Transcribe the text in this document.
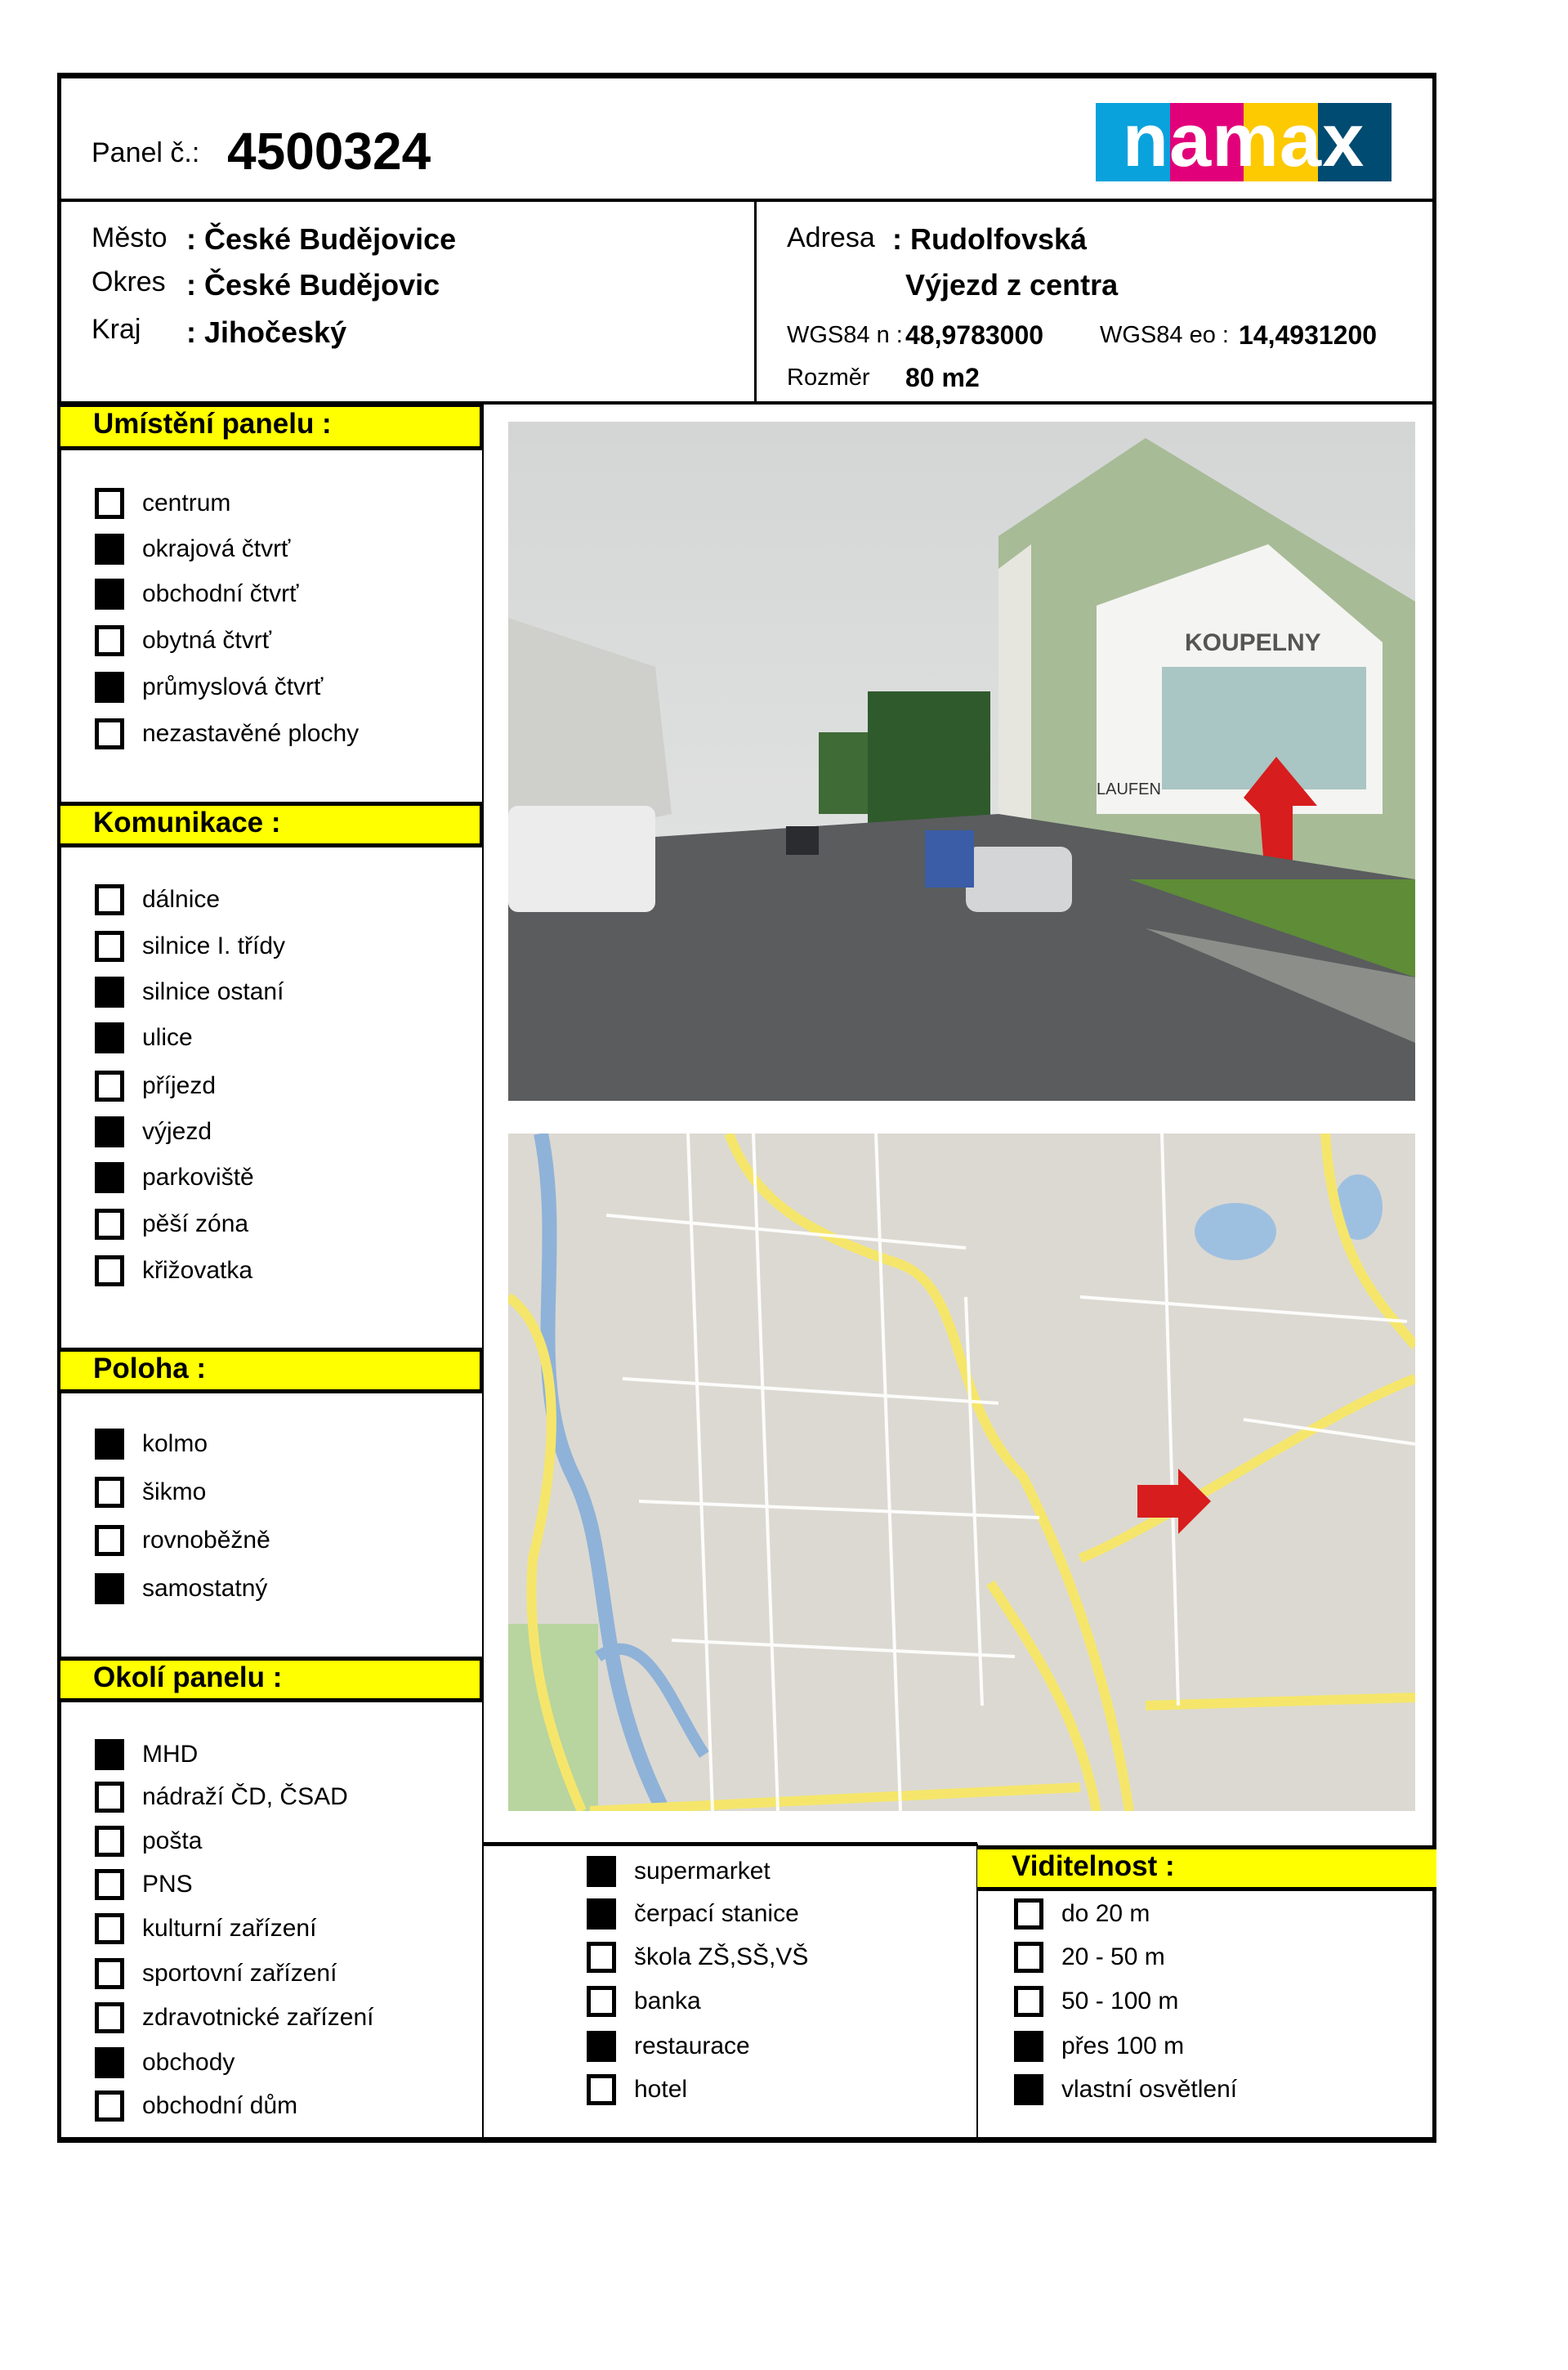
Panel č.: 4500324	namax
Město : České Budějovice
Okres : České Budějovic
Kraj : Jihočeský
Adresa : Rudolfovská
Výjezd z centra
WGS84 n : 48,9783000 WGS84 eo : 14,4931200
Rozměr 80 m2
Umístění panelu :
Komunikace :
Poloha :
Okolí panelu :
Viditelnost :
centrum
okrajová čtvrť
obchodní čtvrť
obytná čtvrť
průmyslová čtvrť
nezastavěné plochy
dálnice
silnice I. třídy
silnice ostaní
ulice
příjezd
výjezd
parkoviště
pěší zóna
křižovatka
kolmo
šikmo
rovnoběžně
samostatný
MHD
nádraží ČD, ČSAD
pošta
PNS
kulturní zařízení
sportovní zařízení
zdravotnické zařízení
obchody
obchodní dům
supermarket
čerpací stanice
škola ZŠ,SŠ,VŠ
banka
restaurace
hotel
do 20 m
20 - 50 m
50 - 100 m
přes 100 m
vlastní osvětlení
KOUPELNY
LAUFEN
